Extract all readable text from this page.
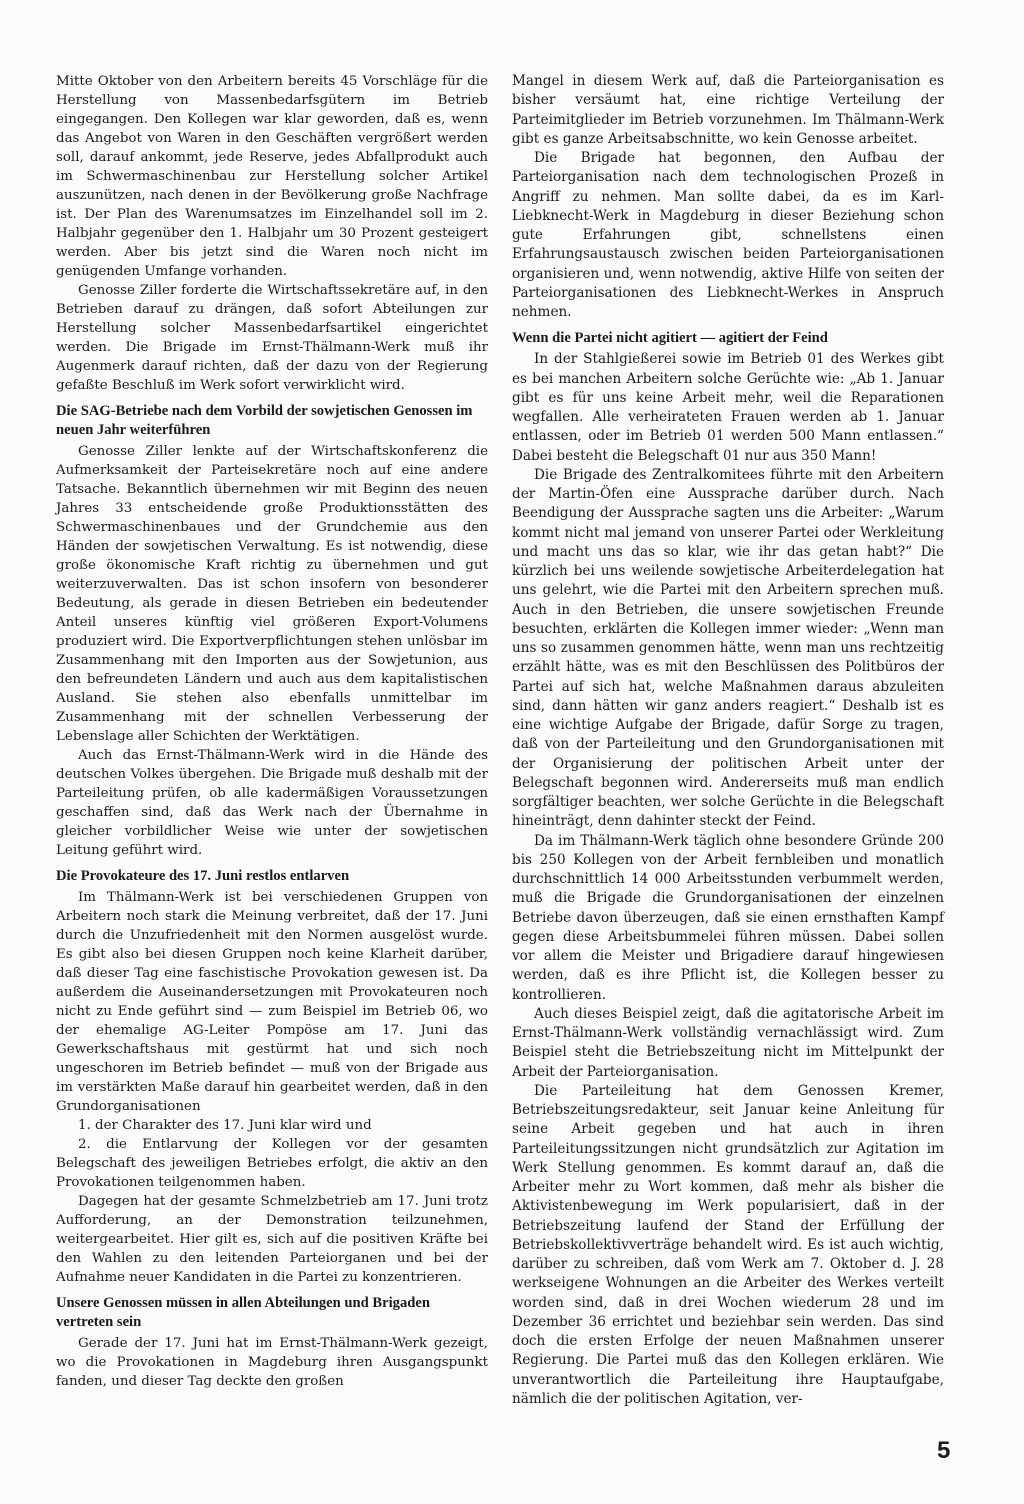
Mitte Oktober von den Arbeitern bereits 45 Vorschläge für die Herstellung von Massenbedarfsgütern im Betrieb eingegangen. Den Kollegen war klar geworden, daß es, wenn das Angebot von Waren in den Geschäften vergrößert werden soll, darauf ankommt, jede Reserve, jedes Abfallprodukt auch im Schwermaschinenbau zur Herstellung solcher Artikel auszunützen, nach denen in der Bevölkerung große Nachfrage ist. Der Plan des Warenumsatzes im Einzelhandel soll im 2. Halbjahr gegenüber den 1. Halbjahr um 30 Prozent gesteigert werden. Aber bis jetzt sind die Waren noch nicht im genügenden Umfange vorhanden.

Genosse Ziller forderte die Wirtschaftssekretäre auf, in den Betrieben darauf zu drängen, daß sofort Abteilungen zur Herstellung solcher Massenbedarfsartikel eingerichtet werden. Die Brigade im Ernst-Thälmann-Werk muß ihr Augenmerk darauf richten, daß der dazu von der Regierung gefaßte Beschluß im Werk sofort verwirklicht wird.

Die SAG-Betriebe nach dem Vorbild der sowjetischen Genossen im neuen Jahr weiterführen

Genosse Ziller lenkte auf der Wirtschaftskonferenz die Aufmerksamkeit der Parteisekretäre noch auf eine andere Tatsache. Bekanntlich übernehmen wir mit Beginn des neuen Jahres 33 entscheidende große Produktionsstätten des Schwermaschinenbaues und der Grundchemie aus den Händen der sowjetischen Verwaltung. Es ist notwendig, diese große ökonomische Kraft richtig zu übernehmen und gut weiterzuverwalten. Das ist schon insofern von besonderer Bedeutung, als gerade in diesen Betrieben ein bedeutender Anteil unseres künftig viel größeren Export-Volumens produziert wird. Die Exportverpflichtungen stehen unlösbar im Zusammenhang mit den Importen aus der Sowjetunion, aus den befreundeten Ländern und auch aus dem kapitalistischen Ausland. Sie stehen also ebenfalls unmittelbar im Zusammenhang mit der schnellen Verbesserung der Lebenslage aller Schichten der Werktätigen.

Auch das Ernst-Thälmann-Werk wird in die Hände des deutschen Volkes übergehen. Die Brigade muß deshalb mit der Parteileitung prüfen, ob alle kadermäßigen Voraussetzungen geschaffen sind, daß das Werk nach der Übernahme in gleicher vorbildlicher Weise wie unter der sowjetischen Leitung geführt wird.

Die Provokateure des 17. Juni restlos entlarven

Im Thälmann-Werk ist bei verschiedenen Gruppen von Arbeitern noch stark die Meinung verbreitet, daß der 17. Juni durch die Unzufriedenheit mit den Normen ausgelöst wurde. Es gibt also bei diesen Gruppen noch keine Klarheit darüber, daß dieser Tag eine faschistische Provokation gewesen ist. Da außerdem die Auseinandersetzungen mit Provokateuren noch nicht zu Ende geführt sind — zum Beispiel im Betrieb 06, wo der ehemalige AG-Leiter Pompöse am 17. Juni das Gewerkschaftshaus mit gestürmt hat und sich noch ungeschoren im Betrieb befindet — muß von der Brigade aus im verstärkten Maße darauf hin gearbeitet werden, daß in den Grundorganisationen

1. der Charakter des 17. Juni klar wird und

2. die Entlarvung der Kollegen vor der gesamten Belegschaft des jeweiligen Betriebes erfolgt, die aktiv an den Provokationen teilgenommen haben.

Dagegen hat der gesamte Schmelzbetrieb am 17. Juni trotz Aufforderung, an der Demonstration teilzunehmen, weitergearbeitet. Hier gilt es, sich auf die positiven Kräfte bei den Wahlen zu den leitenden Parteiorganen und bei der Aufnahme neuer Kandidaten in die Partei zu konzentrieren.

Unsere Genossen müssen in allen Abteilungen und Brigaden vertreten sein

Gerade der 17. Juni hat im Ernst-Thälmann-Werk gezeigt, wo die Provokationen in Magdeburg ihren Ausgangspunkt fanden, und dieser Tag deckte den großen

Mangel in diesem Werk auf, daß die Parteiorganisation es bisher versäumt hat, eine richtige Verteilung der Parteimitglieder im Betrieb vorzunehmen. Im Thälmann-Werk gibt es ganze Arbeitsabschnitte, wo kein Genosse arbeitet.

Die Brigade hat begonnen, den Aufbau der Parteiorganisation nach dem technologischen Prozeß in Angriff zu nehmen. Man sollte dabei, da es im Karl-Liebknecht-Werk in Magdeburg in dieser Beziehung schon gute Erfahrungen gibt, schnellstens einen Erfahrungsaustausch zwischen beiden Parteiorganisationen organisieren und, wenn notwendig, aktive Hilfe von seiten der Parteiorganisationen des Liebknecht-Werkes in Anspruch nehmen.

Wenn die Partei nicht agitiert — agitiert der Feind

In der Stahlgießerei sowie im Betrieb 01 des Werkes gibt es bei manchen Arbeitern solche Gerüchte wie: „Ab 1. Januar gibt es für uns keine Arbeit mehr, weil die Reparationen wegfallen. Alle verheirateten Frauen werden ab 1. Januar entlassen, oder im Betrieb 01 werden 500 Mann entlassen.“ Dabei besteht die Belegschaft 01 nur aus 350 Mann!

Die Brigade des Zentralkomitees führte mit den Arbeitern der Martin-Öfen eine Aussprache darüber durch. Nach Beendigung der Aussprache sagten uns die Arbeiter: „Warum kommt nicht mal jemand von unserer Partei oder Werkleitung und macht uns das so klar, wie ihr das getan habt?“ Die kürzlich bei uns weilende sowjetische Arbeiterdelegation hat uns gelehrt, wie die Partei mit den Arbeitern sprechen muß. Auch in den Betrieben, die unsere sowjetischen Freunde besuchten, erklärten die Kollegen immer wieder: „Wenn man uns so zusammen genommen hätte, wenn man uns rechtzeitig erzählt hätte, was es mit den Beschlüssen des Politbüros der Partei auf sich hat, welche Maßnahmen daraus abzuleiten sind, dann hätten wir ganz anders reagiert.“ Deshalb ist es eine wichtige Aufgabe der Brigade, dafür Sorge zu tragen, daß von der Parteileitung und den Grundorganisationen mit der Organisierung der politischen Arbeit unter der Belegschaft begonnen wird. Andererseits muß man endlich sorgfältiger beachten, wer solche Gerüchte in die Belegschaft hineinträgt, denn dahinter steckt der Feind.

Da im Thälmann-Werk täglich ohne besondere Gründe 200 bis 250 Kollegen von der Arbeit fernbleiben und monatlich durchschnittlich 14 000 Arbeitsstunden verbummelt werden, muß die Brigade die Grundorganisationen der einzelnen Betriebe davon überzeugen, daß sie einen ernsthaften Kampf gegen diese Arbeitsbummelei führen müssen. Dabei sollen vor allem die Meister und Brigadiere darauf hingewiesen werden, daß es ihre Pflicht ist, die Kollegen besser zu kontrollieren.

Auch dieses Beispiel zeigt, daß die agitatorische Arbeit im Ernst-Thälmann-Werk vollständig vernachlässigt wird. Zum Beispiel steht die Betriebszeitung nicht im Mittelpunkt der Arbeit der Parteiorganisation.

Die Parteileitung hat dem Genossen Kremer, Betriebszeitungsredakteur, seit Januar keine Anleitung für seine Arbeit gegeben und hat auch in ihren Parteileitungssitzungen nicht grundsätzlich zur Agitation im Werk Stellung genommen. Es kommt darauf an, daß die Arbeiter mehr zu Wort kommen, daß mehr als bisher die Aktivistenbewegung im Werk popularisiert, daß in der Betriebszeitung laufend der Stand der Erfüllung der Betriebskollektivverträge behandelt wird. Es ist auch wichtig, darüber zu schreiben, daß vom Werk am 7. Oktober d. J. 28 werkseigene Wohnungen an die Arbeiter des Werkes verteilt worden sind, daß in drei Wochen wiederum 28 und im Dezember 36 errichtet und beziehbar sein werden. Das sind doch die ersten Erfolge der neuen Maßnahmen unserer Regierung. Die Partei muß das den Kollegen erklären. Wie unverantwortlich die Parteileitung ihre Hauptaufgabe, nämlich die der politischen Agitation, ver-

5
